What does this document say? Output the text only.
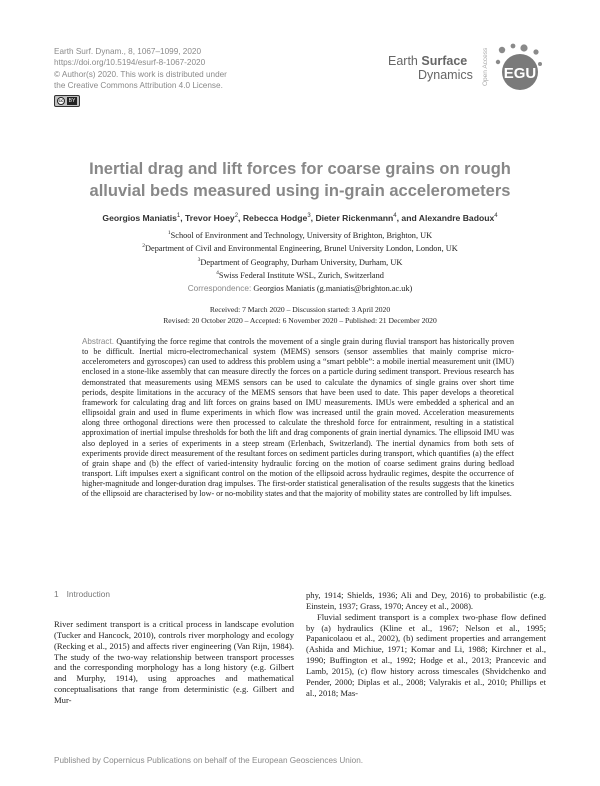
Earth Surf. Dynam., 8, 1067–1099, 2020
https://doi.org/10.5194/esurf-8-1067-2020
© Author(s) 2020. This work is distributed under
the Creative Commons Attribution 4.0 License.
cc	BY
Earth Surface
Dynamics Open Access EGU
Inertial drag and lift forces for coarse grains on rough
alluvial beds measured using in-grain accelerometers
Georgios Maniatis$^1$, Trevor Hoey$^2$, Rebecca Hodge$^3$, Dieter Rickenmann$^4$, and Alexandre Badoux$^4$
$^1$School of Environment and Technology, University of Brighton, Brighton, UK
$^2$Department of Civil and Environmental Engineering, Brunel University London, London, UK
$^3$Department of Geography, Durham University, Durham, UK
$^4$Swiss Federal Institute WSL, Zurich, Switzerland
Correspondence: Georgios Maniatis (g.maniatis@brighton.ac.uk)
Received: 7 March 2020 – Discussion started: 3 April 2020
Revised: 20 October 2020 – Accepted: 6 November 2020 – Published: 21 December 2020
Abstract. Quantifying the force regime that controls the movement of a single grain during fluvial transport has historically proven to be difficult. Inertial micro-electromechanical system (MEMS) sensors (sensor assemblies that mainly comprise micro-accelerometers and gyroscopes) can used to address this problem using a “smart pebble”: a mobile inertial measurement unit (IMU) enclosed in a stone-like assembly that can measure directly the forces on a particle during sediment transport. Previous research has demonstrated that measurements using MEMS sensors can be used to calculate the dynamics of single grains over short time periods, despite limitations in the accuracy of the MEMS sensors that have been used to date. This paper develops a theoretical framework for calculating drag and lift forces on grains based on IMU measurements. IMUs were embedded a spherical and an ellipsoidal grain and used in flume experiments in which flow was increased until the grain moved. Acceleration measurements along three orthogonal directions were then processed to calculate the threshold force for entrainment, resulting in a statistical approximation of inertial impulse thresholds for both the lift and drag components of grain inertial dynamics. The ellipsoid IMU was also deployed in a series of experiments in a steep stream (Erlenbach, Switzerland). The inertial dynamics from both sets of experiments provide direct measurement of the resultant forces on sediment particles during transport, which quantifies (a) the effect of grain shape and (b) the effect of varied-intensity hydraulic forcing on the motion of coarse sediment grains during bedload transport. Lift impulses exert a significant control on the motion of the ellipsoid across hydraulic regimes, despite the occurrence of higher-magnitude and longer-duration drag impulses. The first-order statistical generalisation of the results suggests that the kinetics of the ellipsoid are characterised by low- or no-mobility states and that the majority of mobility states are controlled by lift impulses.
1 Introduction
River sediment transport is a critical process in landscape evolution (Tucker and Hancock, 2010), controls river morphology and ecology (Recking et al., 2015) and affects river engineering (Van Rijn, 1984). The study of the two-way relationship between transport processes and the corresponding morphology has a long history (e.g. Gilbert and Murphy, 1914), using approaches and mathematical conceptualisations that range from deterministic (e.g. Gilbert and Mur-
phy, 1914; Shields, 1936; Ali and Dey, 2016) to probabilistic (e.g. Einstein, 1937; Grass, 1970; Ancey et al., 2008).
Fluvial sediment transport is a complex two-phase flow defined by (a) hydraulics (Kline et al., 1967; Nelson et al., 1995; Papanicolaou et al., 2002), (b) sediment properties and arrangement (Ashida and Michiue, 1971; Komar and Li, 1988; Kirchner et al., 1990; Buffington et al., 1992; Hodge et al., 2013; Prancevic and Lamb, 2015), (c) flow history across timescales (Shvidchenko and Pender, 2000; Diplas et al., 2008; Valyrakis et al., 2010; Phillips et al., 2018; Mas-
Published by Copernicus Publications on behalf of the European Geosciences Union.
